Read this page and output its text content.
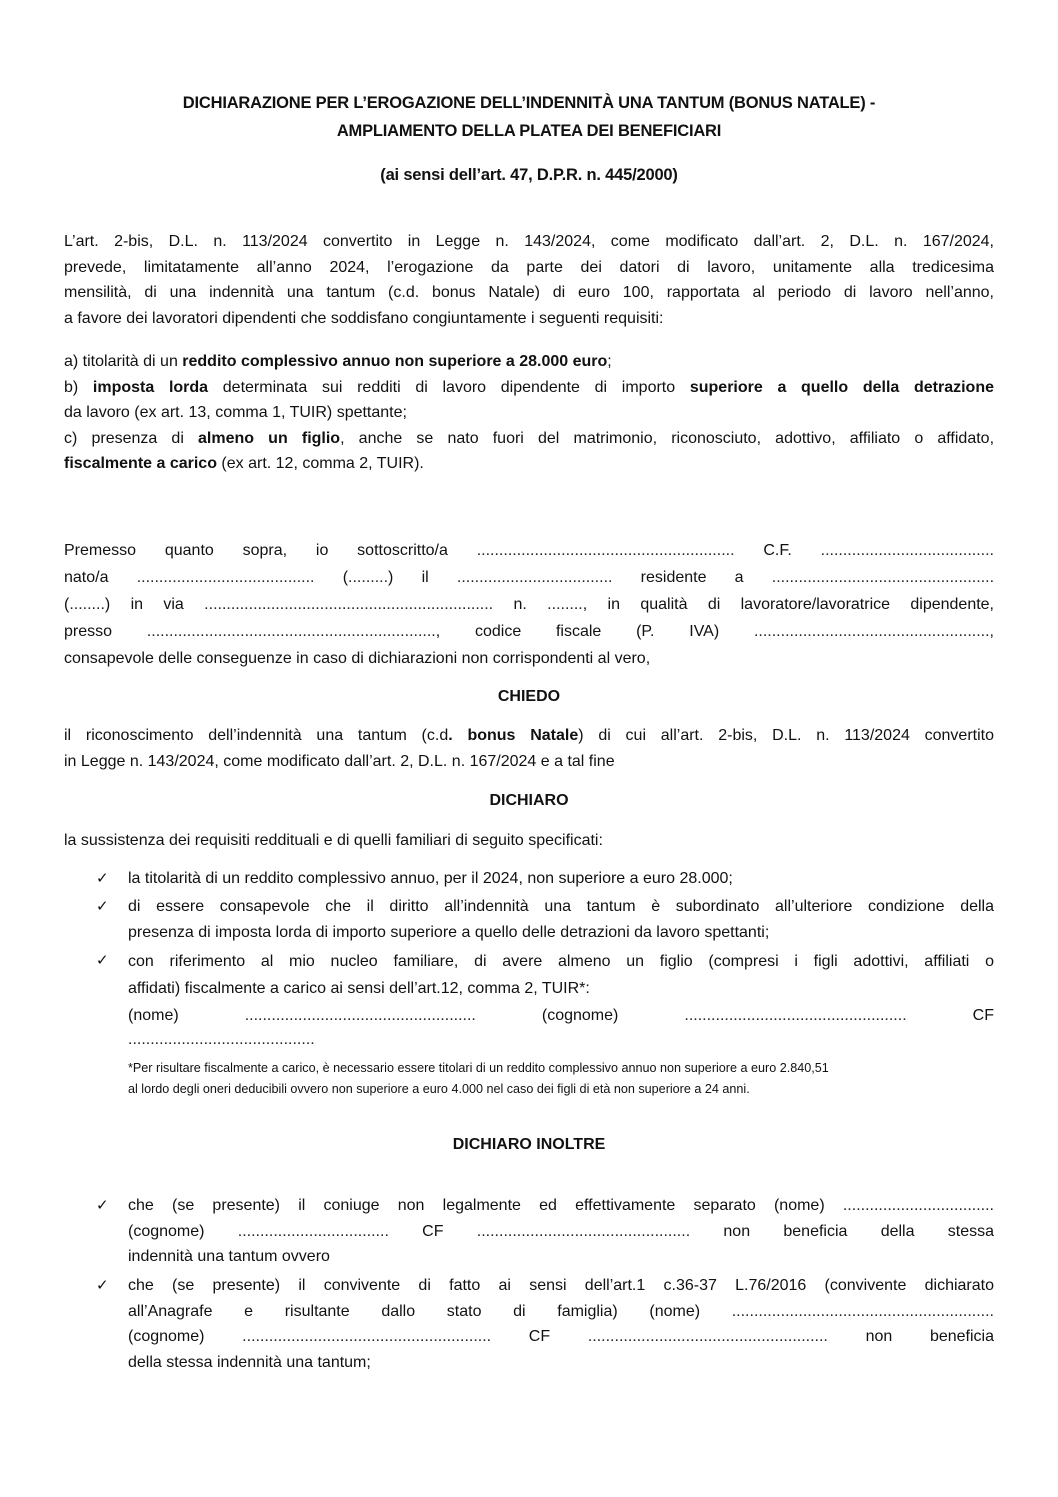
DICHIARAZIONE PER L’EROGAZIONE DELL’INDENNITÀ UNA TANTUM (BONUS NATALE) -
AMPLIAMENTO DELLA PLATEA DEI BENEFICIARI
(ai sensi dell’art. 47, D.P.R. n. 445/2000)
L’art. 2-bis, D.L. n. 113/2024 convertito in Legge n. 143/2024, come modificato dall’art. 2, D.L. n. 167/2024,
prevede, limitatamente all’anno 2024, l’erogazione da parte dei datori di lavoro, unitamente alla tredicesima
mensilità, di una indennità una tantum (c.d. bonus Natale) di euro 100, rapportata al periodo di lavoro nell’anno,
a favore dei lavoratori dipendenti che soddisfano congiuntamente i seguenti requisiti:
a) titolarità di un reddito complessivo annuo non superiore a 28.000 euro;
b) imposta lorda determinata sui redditi di lavoro dipendente di importo superiore a quello della detrazione
da lavoro (ex art. 13, comma 1, TUIR) spettante;
c) presenza di almeno un figlio, anche se nato fuori del matrimonio, riconosciuto, adottivo, affiliato o affidato,
fiscalmente a carico (ex art. 12, comma 2, TUIR).
Premesso quanto sopra, io sottoscritto/a .......................................................... C.F. .......................................
nato/a ........................................ (.........) il ................................... residente a ..................................................
(........) in via ................................................................. n. ........, in qualità di lavoratore/lavoratrice dipendente,
presso ................................................................., codice fiscale (P. IVA) .....................................................,
consapevole delle conseguenze in caso di dichiarazioni non corrispondenti al vero,
CHIEDO
il riconoscimento dell’indennità una tantum (c.d. bonus Natale) di cui all’art. 2-bis, D.L. n. 113/2024 convertito
in Legge n. 143/2024, come modificato dall’art. 2, D.L. n. 167/2024 e a tal fine
DICHIARO
la sussistenza dei requisiti reddituali e di quelli familiari di seguito specificati:
✓	la titolarità di un reddito complessivo annuo, per il 2024, non superiore a euro 28.000;
✓	di essere consapevole che il diritto all’indennità una tantum è subordinato all’ulteriore condizione della
presenza di imposta lorda di importo superiore a quello delle detrazioni da lavoro spettanti;
✓	con riferimento al mio nucleo familiare, di avere almeno un figlio (compresi i figli adottivi, affiliati o
affidati) fiscalmente a carico ai sensi dell’art.12, comma 2, TUIR*:
(nome)	....................................................	(cognome)	..................................................	CF
..........................................
*Per risultare fiscalmente a carico, è necessario essere titolari di un reddito complessivo annuo non superiore a euro 2.840,51
al lordo degli oneri deducibili ovvero non superiore a euro 4.000 nel caso dei figli di età non superiore a 24 anni.
DICHIARO INOLTRE
✓	che (se presente) il coniuge non legalmente ed effettivamente separato (nome) ..................................
(cognome) .................................. CF ................................................ non beneficia della stessa
indennità una tantum ovvero
✓	che (se presente) il convivente di fatto ai sensi dell’art.1 c.36-37 L.76/2016 (convivente dichiarato
all’Anagrafe e risultante dallo stato di famiglia) (nome) ...........................................................
(cognome) ........................................................ CF ...................................................... non beneficia
della stessa indennità una tantum;
